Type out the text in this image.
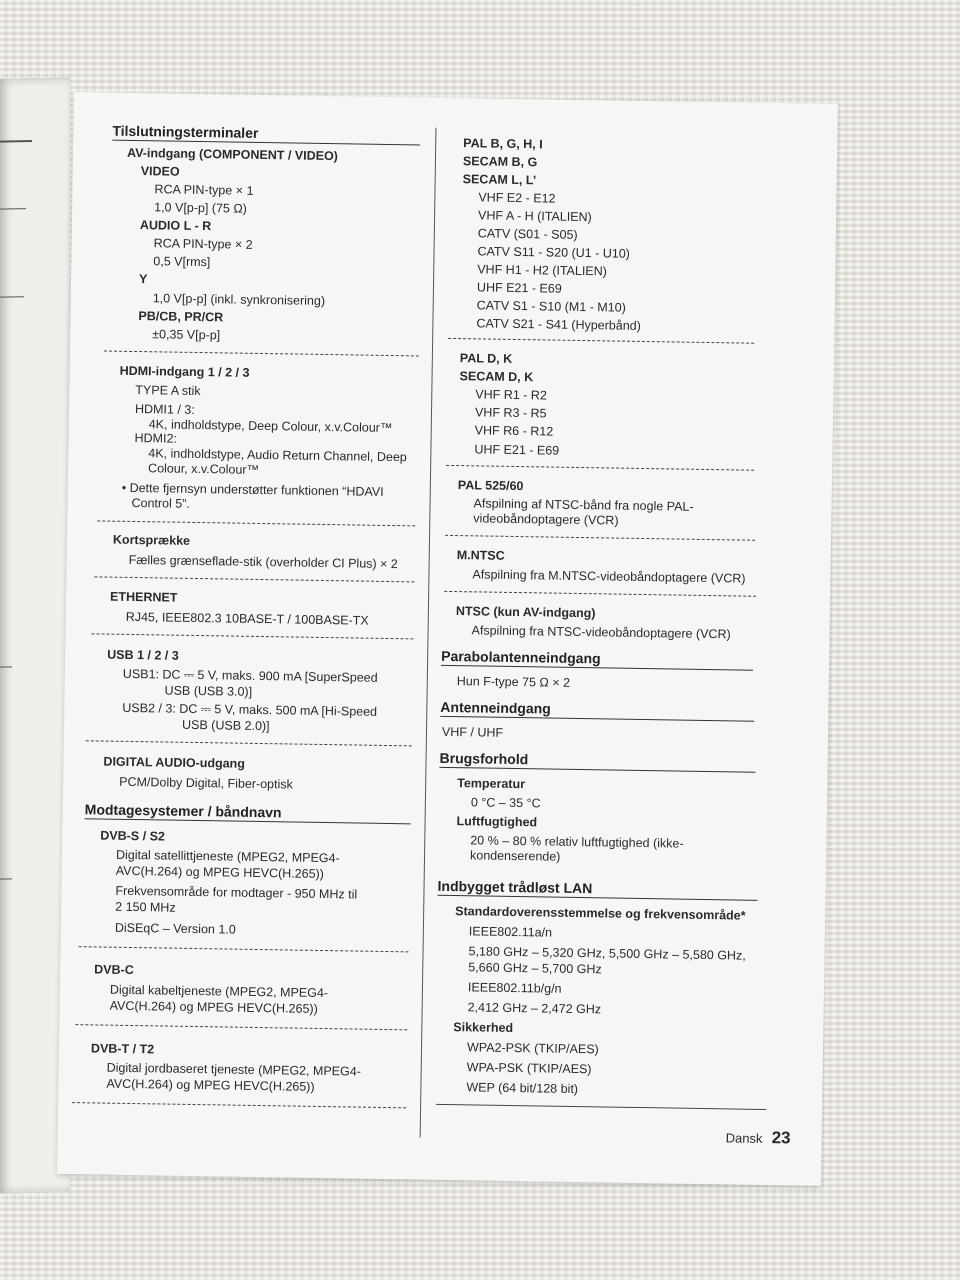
Tilslutningsterminaler
AV-indgang (COMPONENT / VIDEO)
VIDEO
RCA PIN-type × 1
1,0 V[p-p] (75 Ω)
AUDIO L - R
RCA PIN-type × 2
0,5 V[rms]
Y
1,0 V[p-p] (inkl. synkronisering)
PB/CB, PR/CR
±0,35 V[p-p]
HDMI-indgang 1 / 2 / 3
TYPE A stik
HDMI1 / 3:
4K, indholdstype, Deep Colour, x.v.Colour™
HDMI2:
4K, indholdstype, Audio Return Channel, Deep
Colour, x.v.Colour™
• Dette fjernsyn understøtter funktionen “HDAVI
Control 5”.
Kortsprække
Fælles grænseflade-stik (overholder CI Plus) × 2
ETHERNET
RJ45, IEEE802.3 10BASE-T / 100BASE-TX
USB 1 / 2 / 3
USB1: DC ⎓ 5 V, maks. 900 mA [SuperSpeed
USB (USB 3.0)]
USB2 / 3: DC ⎓ 5 V, maks. 500 mA [Hi-Speed
USB (USB 2.0)]
DIGITAL AUDIO-udgang
PCM/Dolby Digital, Fiber-optisk
Modtagesystemer / båndnavn
DVB-S / S2
Digital satellittjeneste (MPEG2, MPEG4-
AVC(H.264) og MPEG HEVC(H.265))
Frekvensområde for modtager - 950 MHz til
2 150 MHz
DiSEqC – Version 1.0
DVB-C
Digital kabeltjeneste (MPEG2, MPEG4-
AVC(H.264) og MPEG HEVC(H.265))
DVB-T / T2
Digital jordbaseret tjeneste (MPEG2, MPEG4-
AVC(H.264) og MPEG HEVC(H.265))
PAL B, G, H, I
SECAM B, G
SECAM L, L’
VHF E2 - E12
VHF A - H (ITALIEN)
CATV (S01 - S05)
CATV S11 - S20 (U1 - U10)
VHF H1 - H2 (ITALIEN)
UHF E21 - E69
CATV S1 - S10 (M1 - M10)
CATV S21 - S41 (Hyperbånd)
PAL D, K
SECAM D, K
VHF R1 - R2
VHF R3 - R5
VHF R6 - R12
UHF E21 - E69
PAL 525/60
Afspilning af NTSC-bånd fra nogle PAL-
videobåndoptagere (VCR)
M.NTSC
Afspilning fra M.NTSC-videobåndoptagere (VCR)
NTSC (kun AV-indgang)
Afspilning fra NTSC-videobåndoptagere (VCR)
Parabolantenneindgang
Hun F-type 75 Ω × 2
Antenneindgang
VHF / UHF
Brugsforhold
Temperatur
0 °C – 35 °C
Luftfugtighed
20 % – 80 % relativ luftfugtighed (ikke-
kondenserende)
Indbygget trådløst LAN
Standardoverensstemmelse og frekvensområde*
IEEE802.11a/n
5,180 GHz – 5,320 GHz, 5,500 GHz – 5,580 GHz,
5,660 GHz – 5,700 GHz
IEEE802.11b/g/n
2,412 GHz – 2,472 GHz
Sikkerhed
WPA2-PSK (TKIP/AES)
WPA-PSK (TKIP/AES)
WEP (64 bit/128 bit)
Dansk 23
